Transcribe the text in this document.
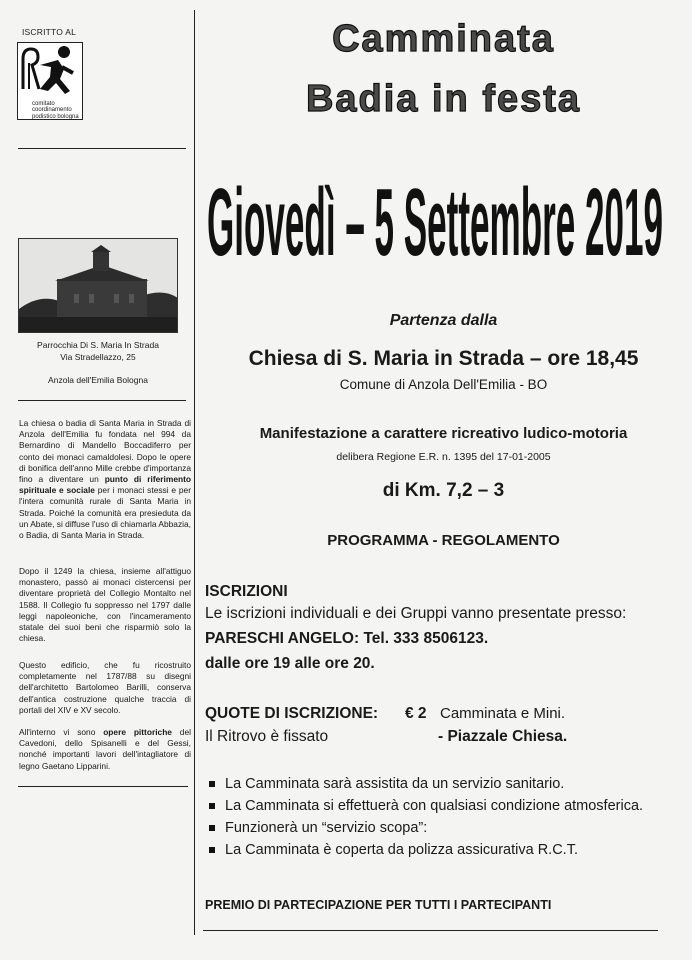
ISCRITTO AL
comitato
coordinamento
podistico bologna
Parrocchia Di S. Maria In Strada
Via Stradellazzo, 25
Anzola dell'Emilia Bologna
La chiesa o badia di Santa Maria in Strada di Anzola dell'Emilia fu fondata nel 994 da Bernardino di Mandello Boccadiferro per conto dei monaci camaldolesi. Dopo le opere di bonifica dell'anno Mille crebbe d'importanza fino a diventare un punto di riferimento spirituale e sociale per i monaci stessi e per l'intera comunità rurale di Santa Maria in Strada. Poiché la comunità era presieduta da un Abate, si diffuse l'uso di chiamarla Abbazia, o Badia, di Santa Maria in Strada.
Dopo il 1249 la chiesa, insieme all'attiguo monastero, passò ai monaci cistercensi per diventare proprietà del Collegio Montalto nel 1588. Il Collegio fu soppresso nel 1797 dalle leggi napoleoniche, con l'incameramento statale dei suoi beni che risparmiò solo la chiesa.
Questo edificio, che fu ricostruito completamente nel 1787/88 su disegni dell'architetto Bartolomeo Barilli, conserva dell'antica costruzione qualche traccia di portali del XIV e XV secolo.
All'interno vi sono opere pittoriche del Cavedoni, dello Spisanelli e del Gessi, nonché importanti lavori dell'intagliatore di legno Gaetano Lipparini.
Camminata
Badia in festa
Giovedì – 5 Settembre 2019
Partenza dalla
Chiesa di S. Maria in Strada – ore 18,45
Comune di Anzola Dell'Emilia - BO
Manifestazione a carattere ricreativo ludico-motoria
delibera Regione E.R. n. 1395 del 17-01-2005
di Km. 7,2 – 3
PROGRAMMA - REGOLAMENTO
ISCRIZIONI
Le iscrizioni individuali e dei Gruppi vanno presentate presso:
PARESCHI ANGELO: Tel. 333 8506123.
dalle ore 19 alle ore 20.
QUOTE DI ISCRIZIONE: € 2 Camminata e Mini.
Il Ritrovo è fissato	- Piazzale Chiesa.
La Camminata sarà assistita da un servizio sanitario.
La Camminata si effettuerà con qualsiasi condizione atmosferica.
Funzionerà un “servizio scopa”:
La Camminata è coperta da polizza assicurativa R.C.T.
PREMIO DI PARTECIPAZIONE PER TUTTI I PARTECIPANTI
